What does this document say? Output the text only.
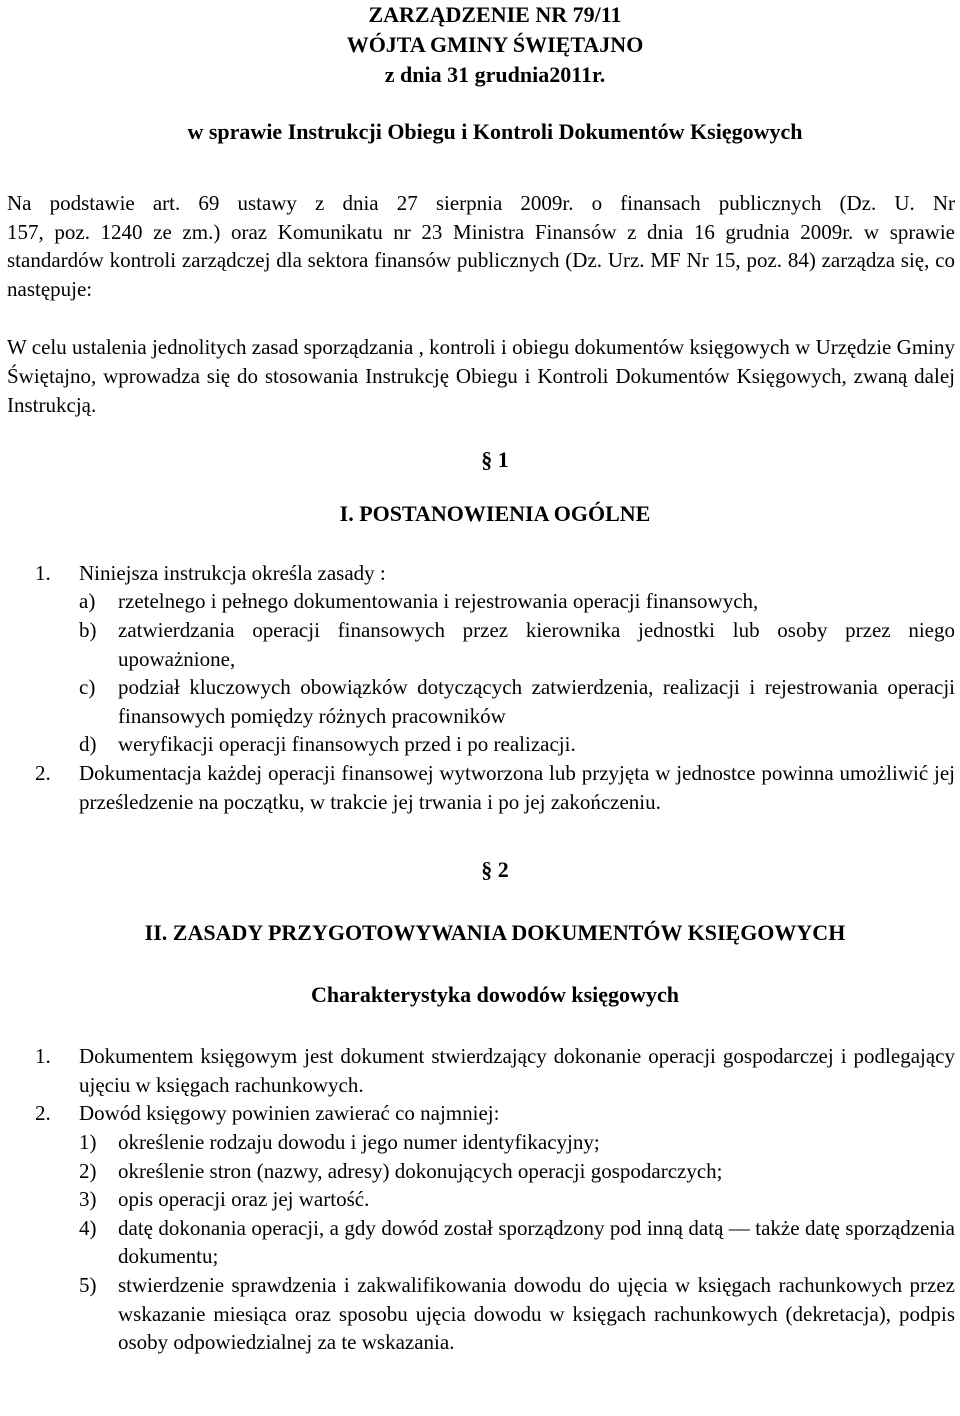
ZARZĄDZENIE NR 79/11
WÓJTA GMINY ŚWIĘTAJNO
z dnia 31 grudnia2011r.
w sprawie Instrukcji Obiegu i Kontroli Dokumentów Księgowych
Na podstawie art. 69 ustawy z dnia 27 sierpnia 2009r. o finansach publicznych (Dz. U. Nr
157, poz. 1240 ze zm.) oraz Komunikatu nr 23 Ministra Finansów z dnia 16 grudnia 2009r. w sprawie standardów kontroli zarządczej dla sektora finansów publicznych (Dz. Urz. MF Nr 15, poz. 84) zarządza się, co następuje:
W celu ustalenia jednolitych zasad sporządzania , kontroli i obiegu dokumentów księgowych w Urzędzie Gminy Świętajno, wprowadza się do stosowania Instrukcję Obiegu i Kontroli Dokumentów Księgowych, zwaną dalej Instrukcją.
§ 1
I. POSTANOWIENIA OGÓLNE
1. Niniejsza instrukcja określa zasady :
a) rzetelnego i pełnego dokumentowania i rejestrowania operacji finansowych,
b) zatwierdzania operacji finansowych przez kierownika jednostki lub osoby przez niego upoważnione,
c) podział kluczowych obowiązków dotyczących zatwierdzenia, realizacji i rejestrowania operacji finansowych pomiędzy różnych pracowników
d) weryfikacji operacji finansowych przed i po realizacji.
2. Dokumentacja każdej operacji finansowej wytworzona lub przyjęta w jednostce powinna umożliwić jej prześledzenie na początku, w trakcie jej trwania i po jej zakończeniu.
§ 2
II. ZASADY PRZYGOTOWYWANIA DOKUMENTÓW KSIĘGOWYCH
Charakterystyka dowodów księgowych
1. Dokumentem księgowym jest dokument stwierdzający dokonanie operacji gospodarczej i podlegający ujęciu w księgach rachunkowych.
2. Dowód księgowy powinien zawierać co najmniej:
1) określenie rodzaju dowodu i jego numer identyfikacyjny;
2) określenie stron (nazwy, adresy) dokonujących operacji gospodarczych;
3) opis operacji oraz jej wartość.
4) datę dokonania operacji, a gdy dowód został sporządzony pod inną datą — także datę sporządzenia dokumentu;
5) stwierdzenie sprawdzenia i zakwalifikowania dowodu do ujęcia w księgach rachunkowych przez wskazanie miesiąca oraz sposobu ujęcia dowodu w księgach rachunkowych (dekretacja), podpis osoby odpowiedzialnej za te wskazania.
